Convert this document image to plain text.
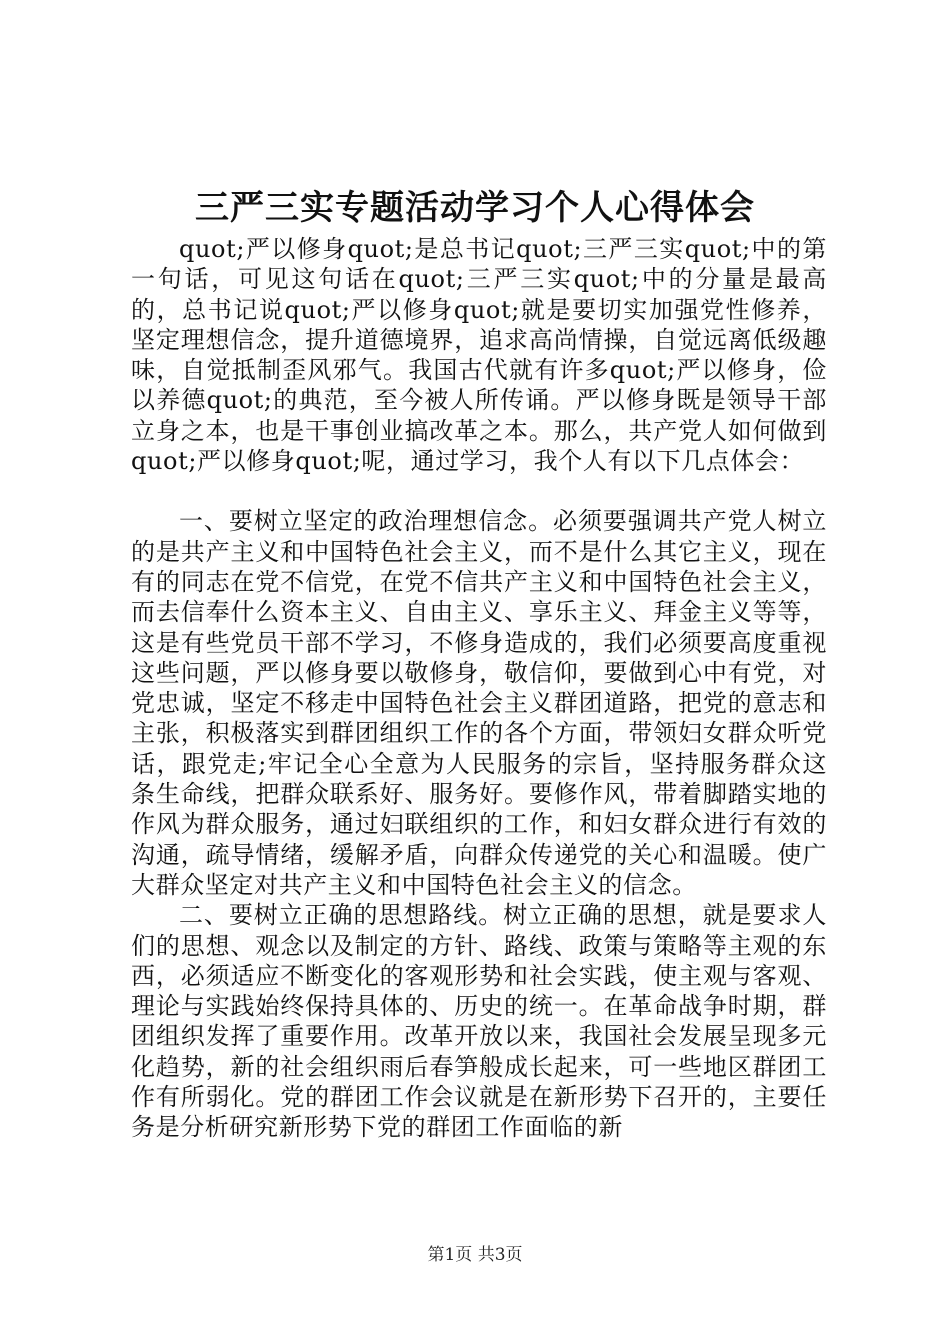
三严三实专题活动学习个人心得体会

quot;严以修身quot;是总书记quot;三严三实quot;中的第一句话，可见这句话在quot;三严三实quot;中的分量是最高的，总书记说quot;严以修身quot;就是要切实加强党性修养，坚定理想信念，提升道德境界，追求高尚情操，自觉远离低级趣味，自觉抵制歪风邪气。我国古代就有许多quot;严以修身，俭以养德quot;的典范，至今被人所传诵。严以修身既是领导干部立身之本，也是干事创业搞改革之本。那么，共产党人如何做到quot;严以修身quot;呢，通过学习，我个人有以下几点体会：

一、要树立坚定的政治理想信念。必须要强调共产党人树立的是共产主义和中国特色社会主义，而不是什么其它主义，现在有的同志在党不信党，在党不信共产主义和中国特色社会主义，而去信奉什么资本主义、自由主义、享乐主义、拜金主义等等，这是有些党员干部不学习，不修身造成的，我们必须要高度重视这些问题，严以修身要以敬修身，敬信仰，要做到心中有党，对党忠诚，坚定不移走中国特色社会主义群团道路，把党的意志和主张，积极落实到群团组织工作的各个方面，带领妇女群众听党话，跟党走;牢记全心全意为人民服务的宗旨，坚持服务群众这条生命线，把群众联系好、服务好。要修作风，带着脚踏实地的作风为群众服务，通过妇联组织的工作，和妇女群众进行有效的沟通，疏导情绪，缓解矛盾，向群众传递党的关心和温暖。使广大群众坚定对共产主义和中国特色社会主义的信念。

二、要树立正确的思想路线。树立正确的思想，就是要求人们的思想、观念以及制定的方针、路线、政策与策略等主观的东西，必须适应不断变化的客观形势和社会实践，使主观与客观、理论与实践始终保持具体的、历史的统一。在革命战争时期，群团组织发挥了重要作用。改革开放以来，我国社会发展呈现多元化趋势，新的社会组织雨后春笋般成长起来，可一些地区群团工作有所弱化。党的群团工作会议就是在新形势下召开的，主要任务是分析研究新形势下党的群团工作面临的新

第1页 共3页
